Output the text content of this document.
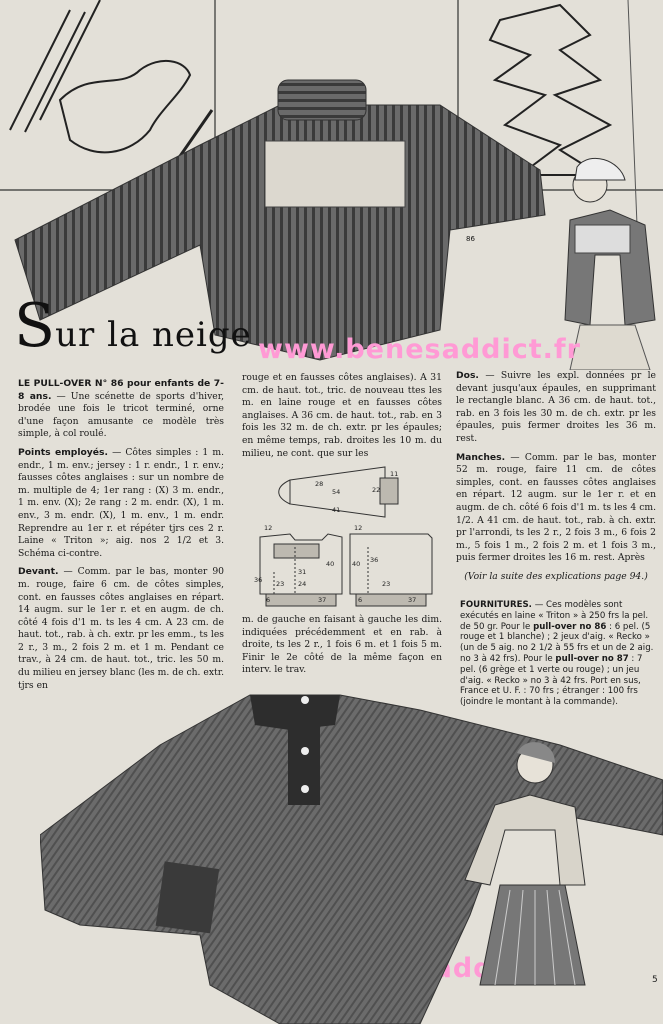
86
Sur la neige www.benesaddict.fr

LE PULL-OVER N° 86 pour enfants de 7-8 ans. — Une scénette de sports d'hiver, brodée une fois le tricot terminé, orne d'une façon amusante ce modèle très simple, à col roulé.

Points employés. — Côtes simples : 1 m. endr., 1 m. env.; jersey : 1 r. endr., 1 r. env.; fausses côtes anglaises : sur un nombre de m. multiple de 4; 1er rang : (X) 3 m. endr., 1 m. env. (X); 2e rang : 2 m. endr. (X), 1 m. env., 3 m. endr. (X), 1 m. env., 1 m. endr. Reprendre au 1er r. et répéter tjrs ces 2 r. Laine « Triton »; aig. nos 2 1/2 et 3. Schéma ci-contre.

Devant. — Comm. par le bas, monter 90 m. rouge, faire 6 cm. de côtes simples, cont. en fausses côtes anglaises en répart. 14 augm. sur le 1er r. et en augm. de ch. côté 4 fois d'1 m. ts les 4 cm. A 23 cm. de haut. tot., rab. à ch. extr. pr les emm., ts les 2 r., 3 m., 2 fois 2 m. et 1 m. Pendant ce trav., à 24 cm. de haut. tot., tric. les 50 m. du milieu en jersey blanc (les m. de ch. extr. tjrs en

rouge et en fausses côtes anglaises). A 31 cm. de haut. tot., tric. de nouveau ttes les m. en laine rouge et en fausses côtes anglaises. A 36 cm. de haut. tot., rab. en 3 fois les 32 m. de ch. extr. pr les épaules; en même temps, rab. droites les 10 m. du milieu, ne cont. que sur les

11
28
54
41
22
12
36
40
23
37
31
24
6
12
36
40
23
37
6

m. de gauche en faisant à gauche les dim. indiquées précédemment et en rab. à droite, ts les 2 r., 1 fois 6 m. et 1 fois 5 m. Finir le 2e côté de la même façon en interv. le trav.

Dos. — Suivre les expl. données pr le devant jusqu'aux épaules, en supprimant le rectangle blanc. A 36 cm. de haut. tot., rab. en 3 fois les 30 m. de ch. extr. pr les épaules, puis fermer droites les 36 m. rest.

Manches. — Comm. par le bas, monter 52 m. rouge, faire 11 cm. de côtes simples, cont. en fausses côtes anglaises en répart. 12 augm. sur le 1er r. et en augm. de ch. côté 6 fois d'1 m. ts les 4 cm. 1/2. A 41 cm. de haut. tot., rab. à ch. extr. pr l'arrondi, ts les 2 r., 2 fois 3 m., 6 fois 2 m., 5 fois 1 m., 2 fois 2 m. et 1 fois 3 m., puis fermer droites les 16 m. rest. Après

(Voir la suite des explications page 94.)

FOURNITURES. — Ces modèles sont exécutés en laine « Triton » à 250 frs la pel. de 50 gr. Pour le pull-over no 86 : 6 pel. (5 rouge et 1 blanche) ; 2 jeux d'aig. « Recko » (un de 5 aig. no 2 1/2 à 55 frs et un de 2 aig. no 3 à 42 frs). Pour le pull-over no 87 : 7 pel. (6 grège et 1 verte ou rouge) ; un jeu d'aig. « Recko » no 3 à 42 frs. Port en sus, France et U. F. : 70 frs ; étranger : 100 frs (joindre le montant à la commande).
5
